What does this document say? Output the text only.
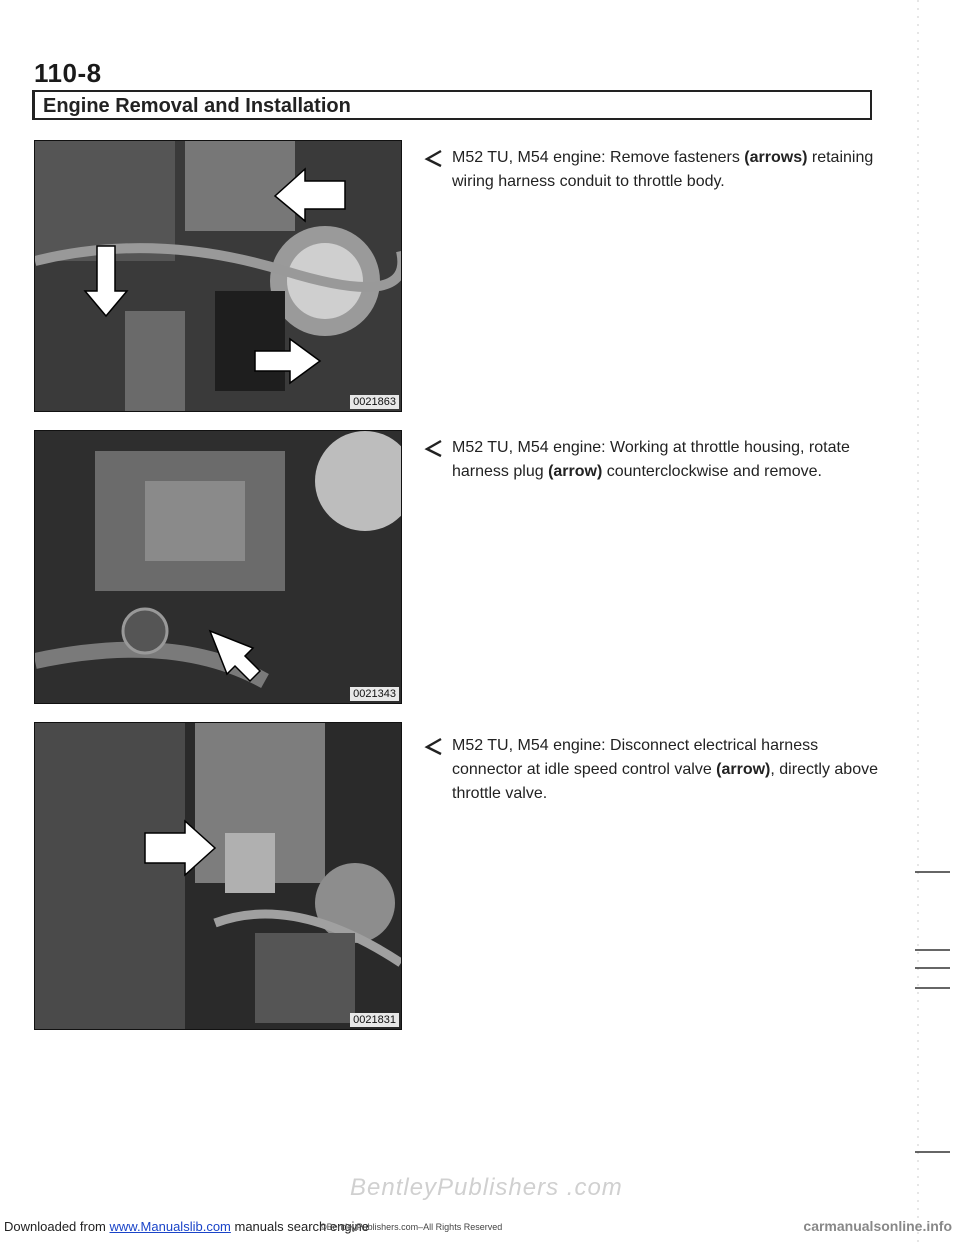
110-8
Engine Removal and Installation
0021863
0021343
0021831

M52 TU, M54 engine: Remove fasteners (arrows) retaining wiring harness conduit to throttle body.

M52 TU, M54 engine: Working at throttle housing, rotate harness plug (arrow) counterclockwise and remove.

M52 TU, M54 engine: Disconnect electrical harness connector at idle speed control valve (arrow), directly above throttle valve.

BentleyPublishers .com
Downloaded from www.Manualslib.com manuals search engine
©BentleyPublishers.com–All Rights Reserved	carmanualsonline.info
